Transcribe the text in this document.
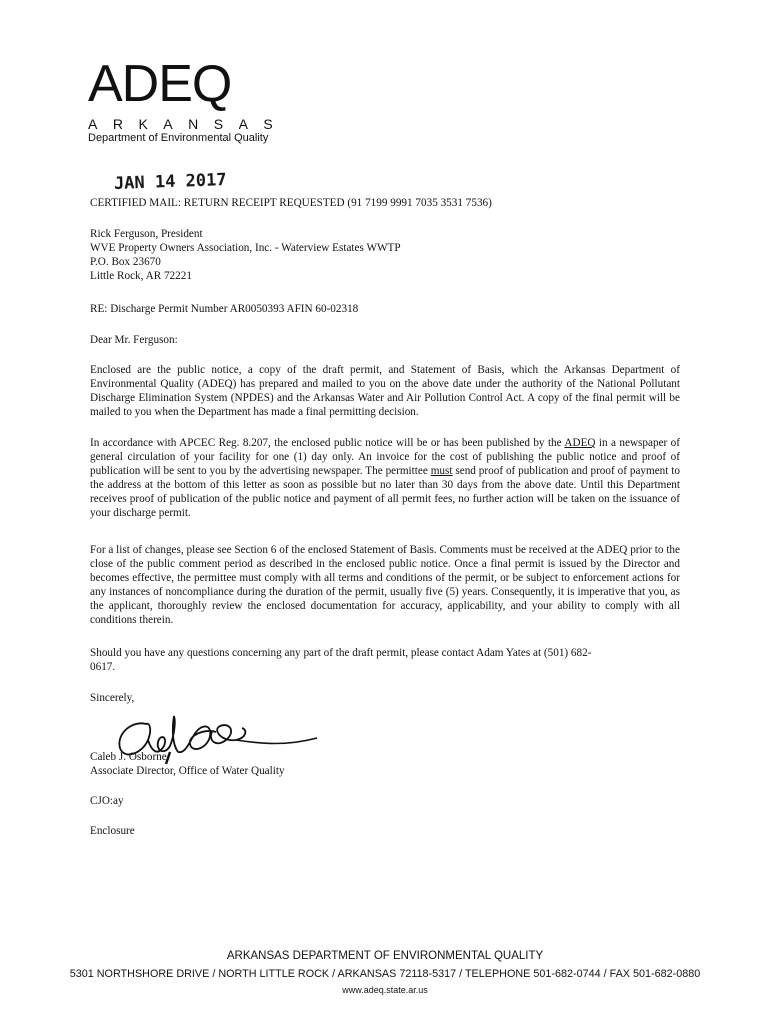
ADEQ
ARKANSAS
Department of Environmental Quality
JAN 14 2017
CERTIFIED MAIL: RETURN RECEIPT REQUESTED (91 7199 9991 7035 3531 7536)
Rick Ferguson, President
WVE Property Owners Association, Inc. - Waterview Estates WWTP
P.O. Box 23670
Little Rock, AR 72221
RE: Discharge Permit Number AR0050393 AFIN 60-02318
Dear Mr. Ferguson:
Enclosed are the public notice, a copy of the draft permit, and Statement of Basis, which the Arkansas Department of Environmental Quality (ADEQ) has prepared and mailed to you on the above date under the authority of the National Pollutant Discharge Elimination System (NPDES) and the Arkansas Water and Air Pollution Control Act. A copy of the final permit will be mailed to you when the Department has made a final permitting decision.
In accordance with APCEC Reg. 8.207, the enclosed public notice will be or has been published by the ADEQ in a newspaper of general circulation of your facility for one (1) day only. An invoice for the cost of publishing the public notice and proof of publication will be sent to you by the advertising newspaper. The permittee must send proof of publication and proof of payment to the address at the bottom of this letter as soon as possible but no later than 30 days from the above date. Until this Department receives proof of publication of the public notice and payment of all permit fees, no further action will be taken on the issuance of your discharge permit.
For a list of changes, please see Section 6 of the enclosed Statement of Basis. Comments must be received at the ADEQ prior to the close of the public comment period as described in the enclosed public notice. Once a final permit is issued by the Director and becomes effective, the permittee must comply with all terms and conditions of the permit, or be subject to enforcement actions for any instances of noncompliance during the duration of the permit, usually five (5) years. Consequently, it is imperative that you, as the applicant, thoroughly review the enclosed documentation for accuracy, applicability, and your ability to comply with all conditions therein.
Should you have any questions concerning any part of the draft permit, please contact Adam Yates at (501) 682-
0617.
Sincerely,
Caleb J. Osborne
Associate Director, Office of Water Quality
CJO:ay
Enclosure
ARKANSAS DEPARTMENT OF ENVIRONMENTAL QUALITY
5301 NORTHSHORE DRIVE / NORTH LITTLE ROCK / ARKANSAS 72118-5317 / TELEPHONE 501-682-0744 / FAX 501-682-0880
www.adeq.state.ar.us
